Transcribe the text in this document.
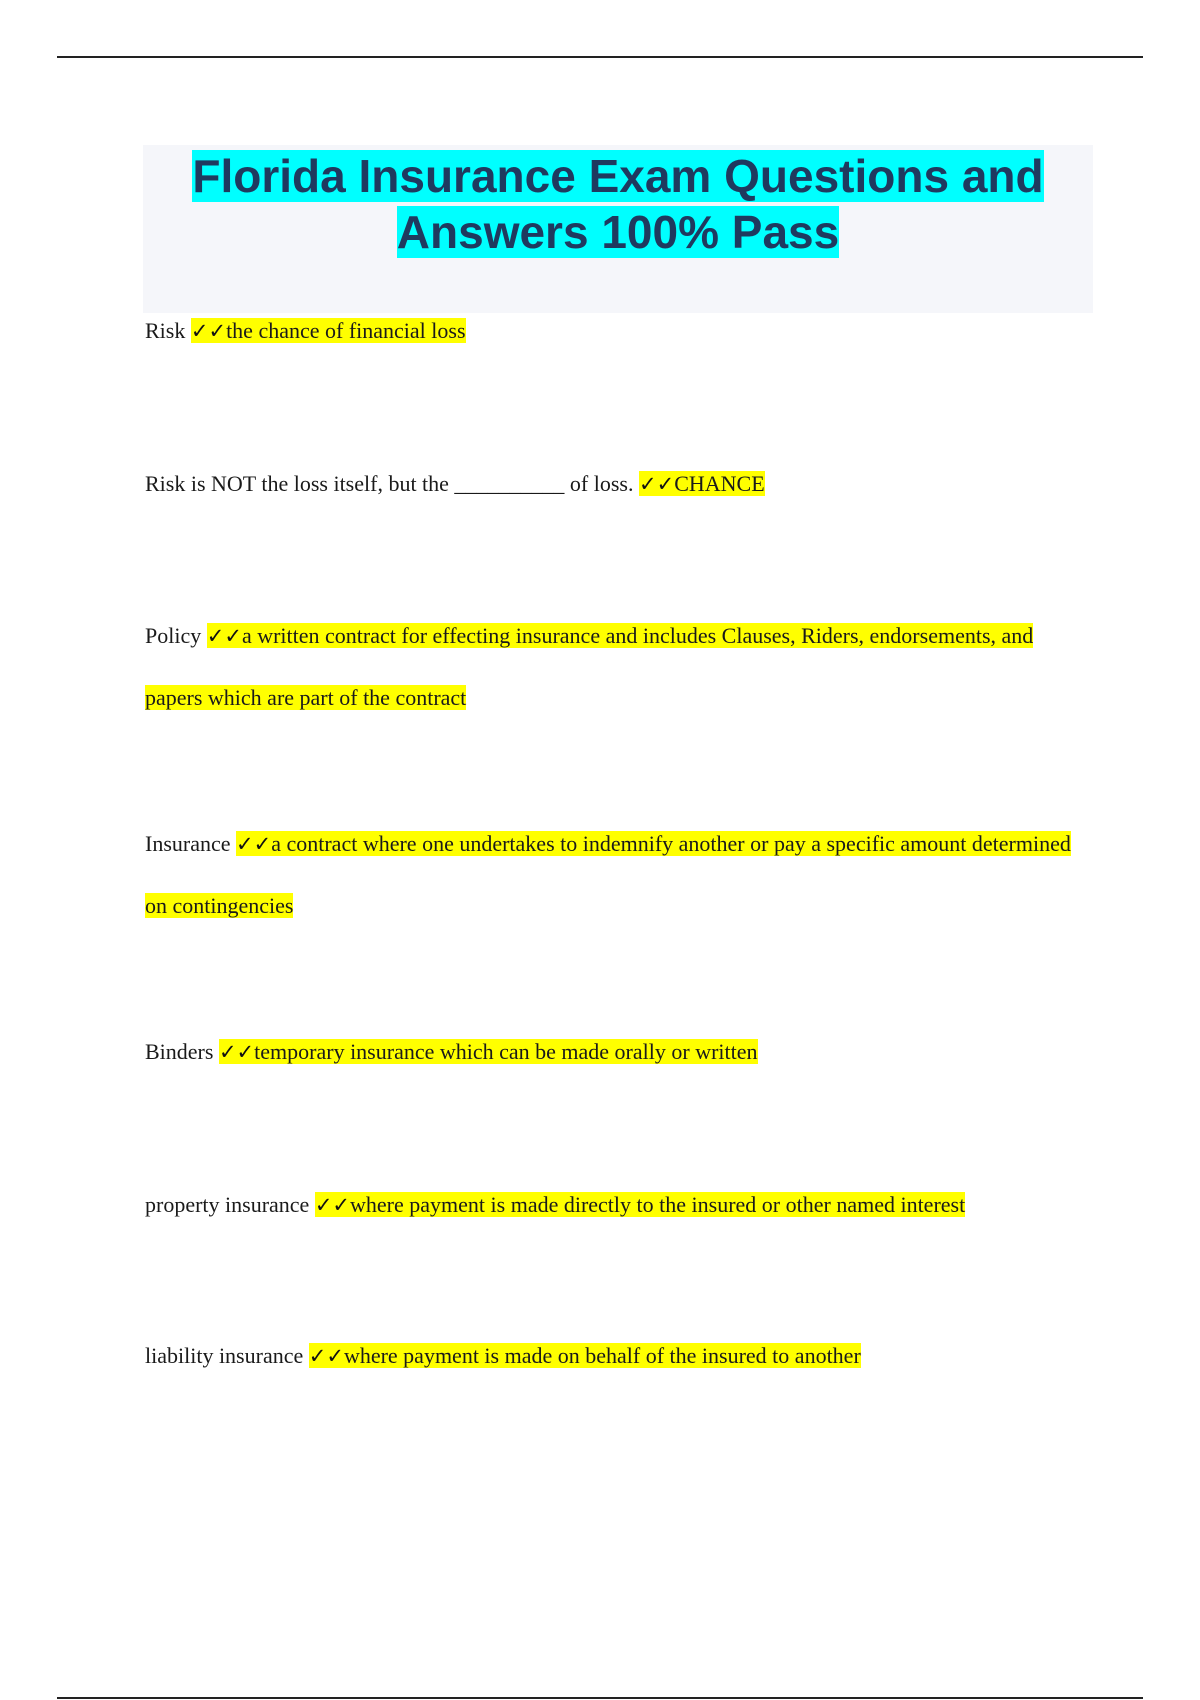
Florida Insurance Exam Questions and Answers 100% Pass
Risk ✓✓the chance of financial loss
Risk is NOT the loss itself, but the __________ of loss. ✓✓CHANCE
Policy ✓✓a written contract for effecting insurance and includes Clauses, Riders, endorsements, and papers which are part of the contract
Insurance ✓✓a contract where one undertakes to indemnify another or pay a specific amount determined on contingencies
Binders ✓✓temporary insurance which can be made orally or written
property insurance ✓✓where payment is made directly to the insured or other named interest
liability insurance ✓✓where payment is made on behalf of the insured to another
